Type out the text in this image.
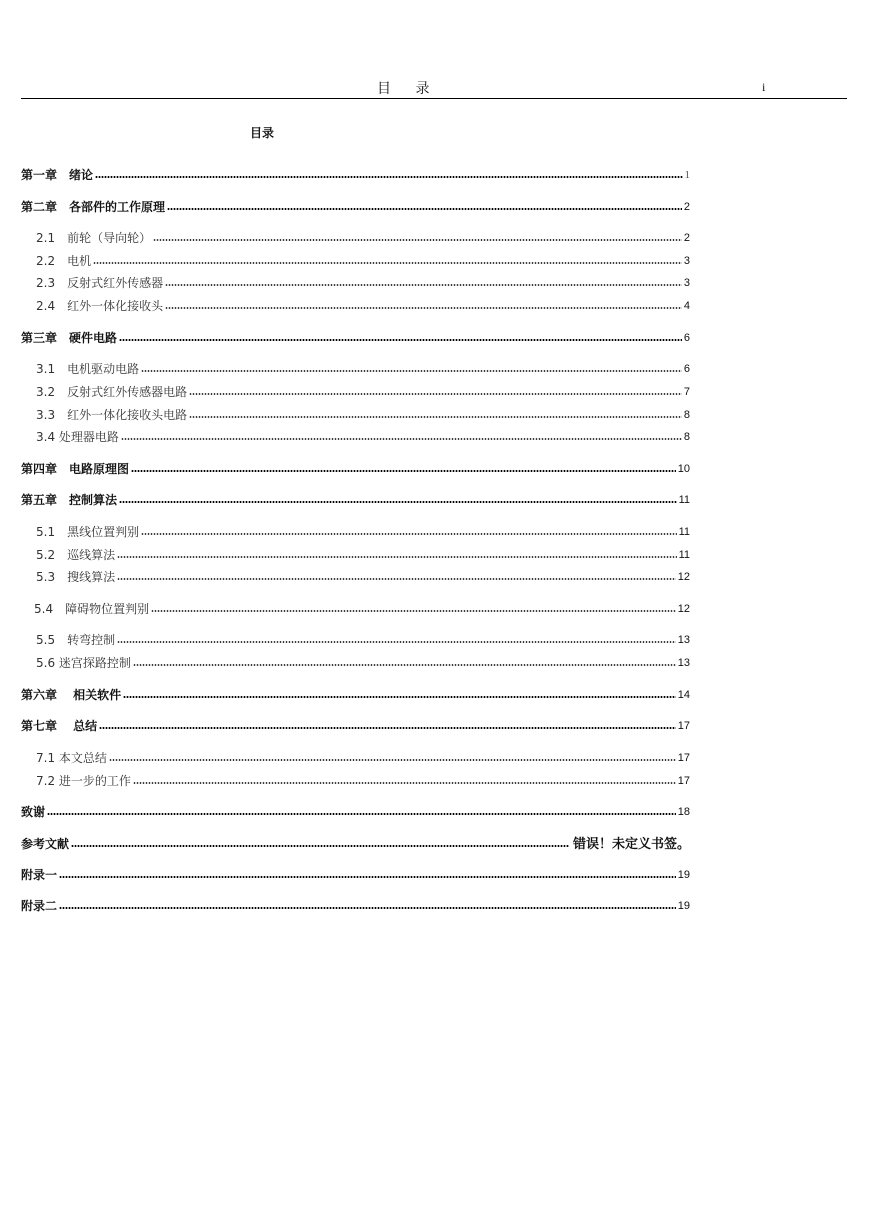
目 录	i
目录
第一章　绪论	1
第二章　各部件的工作原理	2
2.1　前轮（导向轮）	2
2.2　电机	3
2.3　反射式红外传感器	3
2.4　红外一体化接收头	4
第三章　硬件电路	6
3.1　电机驱动电路	6
3.2　反射式红外传感器电路	7
3.3　红外一体化接收头电路	8
3.4 处理器电路	8
第四章　电路原理图	10
第五章　控制算法	11
5.1　黑线位置判别	11
5.2　巡线算法	11
5.3　搜线算法	12
5.4　障碍物位置判别	12
5.5　转弯控制	13
5.6 迷宫探路控制	13
第六章　 相关软件	14
第七章　 总结	17
7.1 本文总结	17
7.2 进一步的工作	17
致谢	18
参考文献	错误！未定义书签。
附录一	19
附录二	19
